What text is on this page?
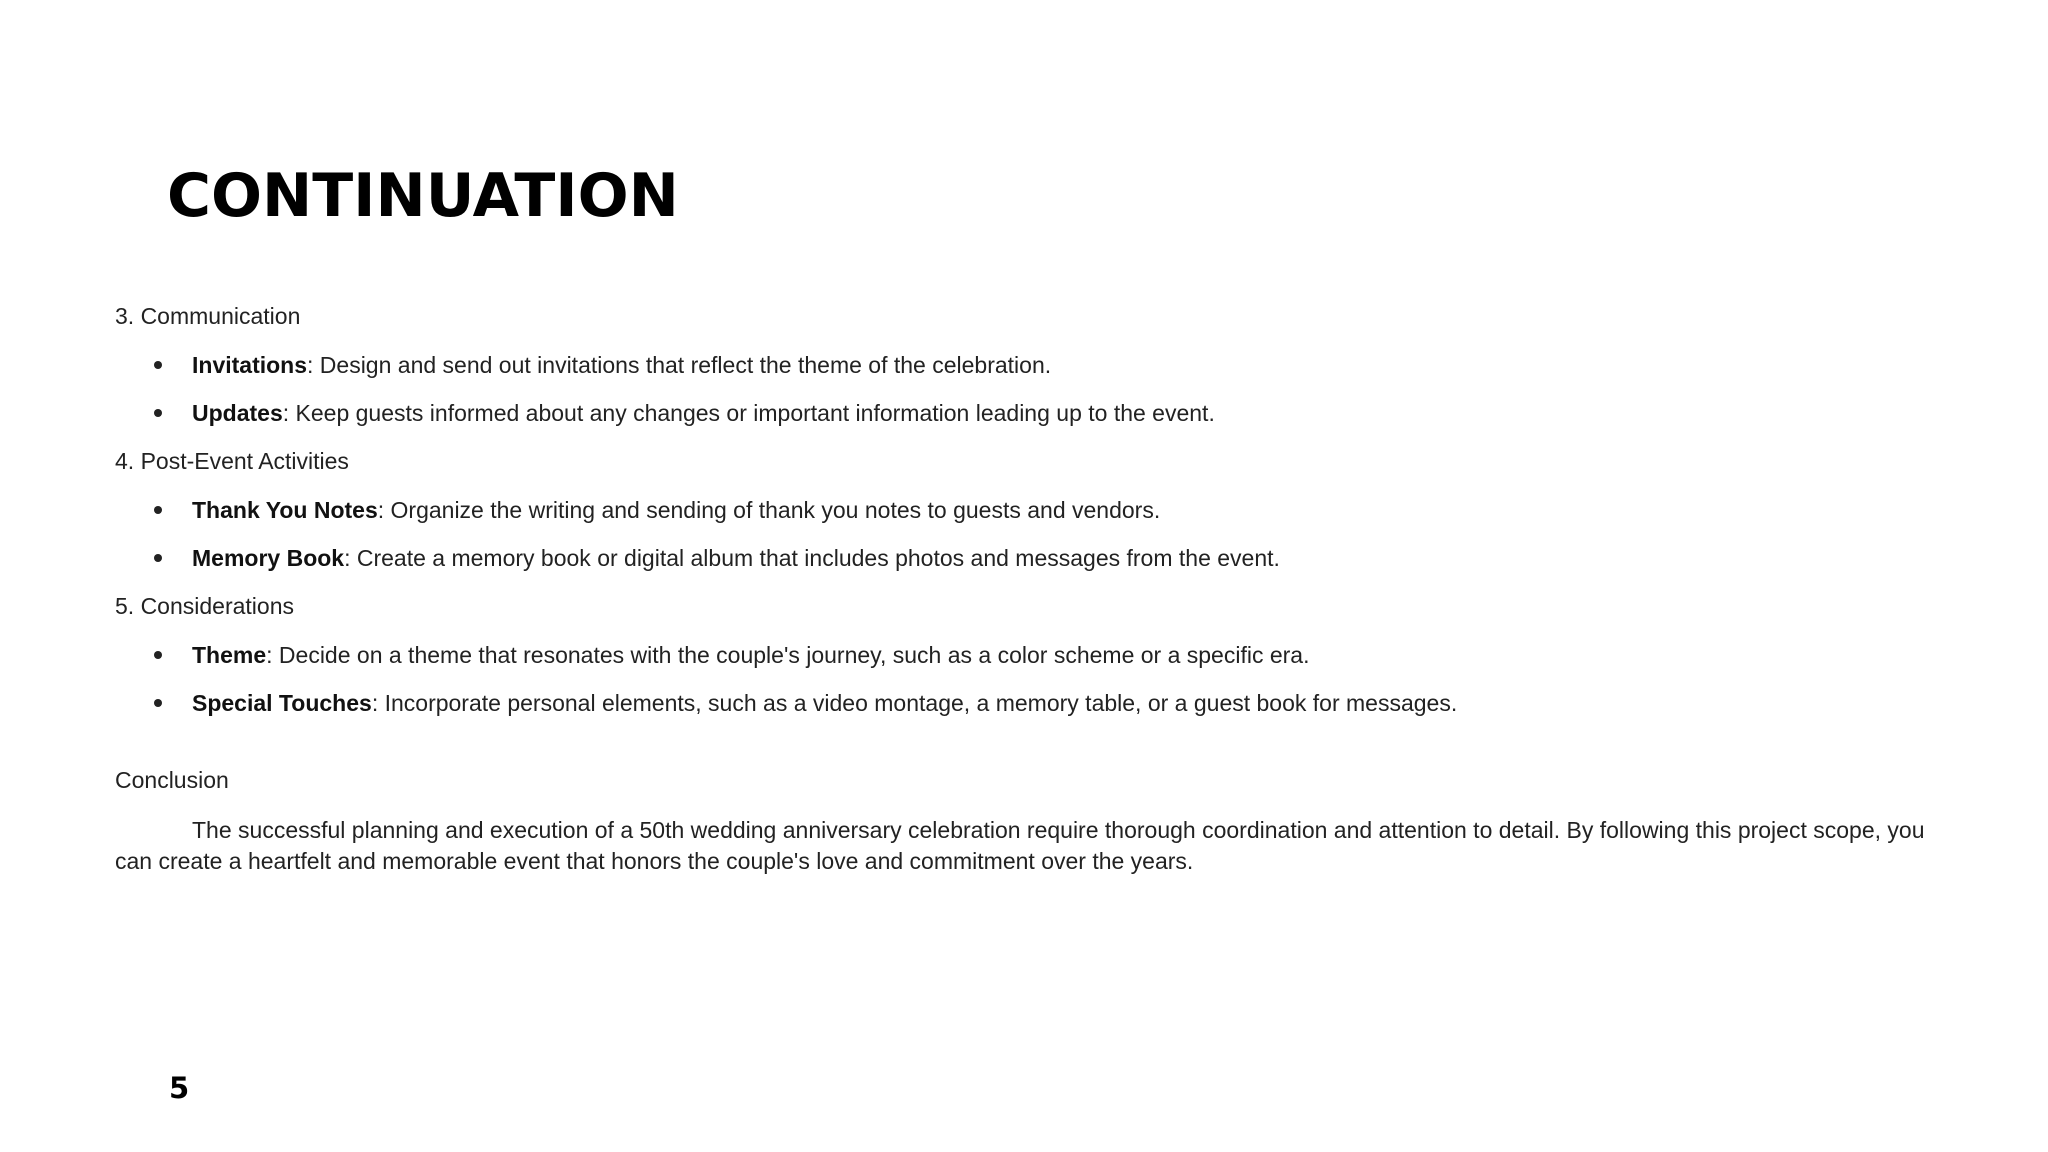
CONTINUATION

3. Communication

Invitations: Design and send out invitations that reflect the theme of the celebration.
Updates: Keep guests informed about any changes or important information leading up to the event.

4. Post-Event Activities

Thank You Notes: Organize the writing and sending of thank you notes to guests and vendors.
Memory Book: Create a memory book or digital album that includes photos and messages from the event.

5. Considerations

Theme: Decide on a theme that resonates with the couple's journey, such as a color scheme or a specific era.
Special Touches: Incorporate personal elements, such as a video montage, a memory table, or a guest book for messages.

Conclusion

The successful planning and execution of a 50th wedding anniversary celebration require thorough coordination and attention to detail. By following this project scope, you can create a heartfelt and memorable event that honors the couple's love and commitment over the years.

5
